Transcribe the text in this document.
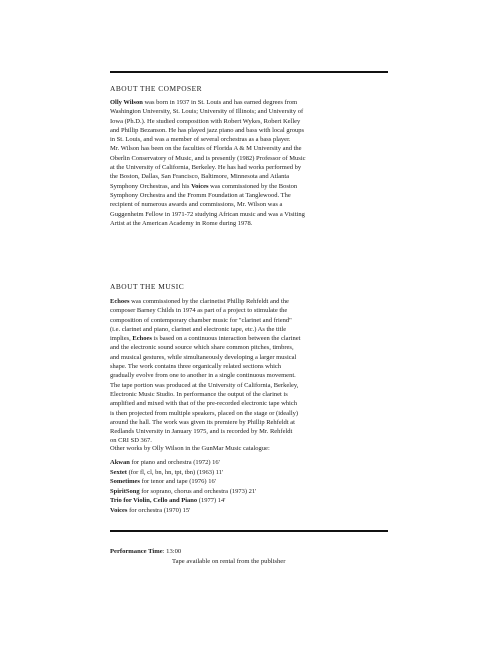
ABOUT THE COMPOSER
Olly Wilson was born in 1937 in St. Louis and has earned degrees from
Washington University, St. Louis; University of Illinois; and University of
Iowa (Ph.D.). He studied composition with Robert Wykes, Robert Kelley
and Phillip Bezanson. He has played jazz piano and bass with local groups
in St. Louis, and was a member of several orchestras as a bass player.
Mr. Wilson has been on the faculties of Florida A & M University and the
Oberlin Conservatory of Music, and is presently (1982) Professor of Music
at the University of California, Berkeley. He has had works performed by
the Boston, Dallas, San Francisco, Baltimore, Minnesota and Atlanta
Symphony Orchestras, and his Voices was commissioned by the Boston
Symphony Orchestra and the Fromm Foundation at Tanglewood. The
recipient of numerous awards and commissions, Mr. Wilson was a
Guggenheim Fellow in 1971-72 studying African music and was a Visiting
Artist at the American Academy in Rome during 1978.
ABOUT THE MUSIC
Echoes was commissioned by the clarinetist Phillip Rehfeldt and the
composer Barney Childs in 1974 as part of a project to stimulate the
composition of contemporary chamber music for "clarinet and friend"
(i.e. clarinet and piano, clarinet and electronic tape, etc.) As the title
implies, Echoes is based on a continuous interaction between the clarinet
and the electronic sound source which share common pitches, timbres,
and musical gestures, while simultaneously developing a larger musical
shape. The work contains three organically related sections which
gradually evolve from one to another in a single continuous movement.
The tape portion was produced at the University of California, Berkeley,
Electronic Music Studio. In performance the output of the clarinet is
amplified and mixed with that of the pre-recorded electronic tape which
is then projected from multiple speakers, placed on the stage or (ideally)
around the hall. The work was given its premiere by Phillip Rehfeldt at
Redlands University in January 1975, and is recorded by Mr. Rehfeldt
on CRI SD 367.
Other works by Olly Wilson in the GunMar Music catalogue:
Akwan for piano and orchestra (1972) 16'
Sextet (for fl, cl, bn, hn, tpt, tbn) (1963) 11'
Sometimes for tenor and tape (1976) 16'
SpiritSong for soprano, chorus and orchestra (1973) 21'
Trio for Violin, Cello and Piano (1977) 14'
Voices for orchestra (1970) 15'
Performance Time: 13:00
Tape available on rental from the publisher
